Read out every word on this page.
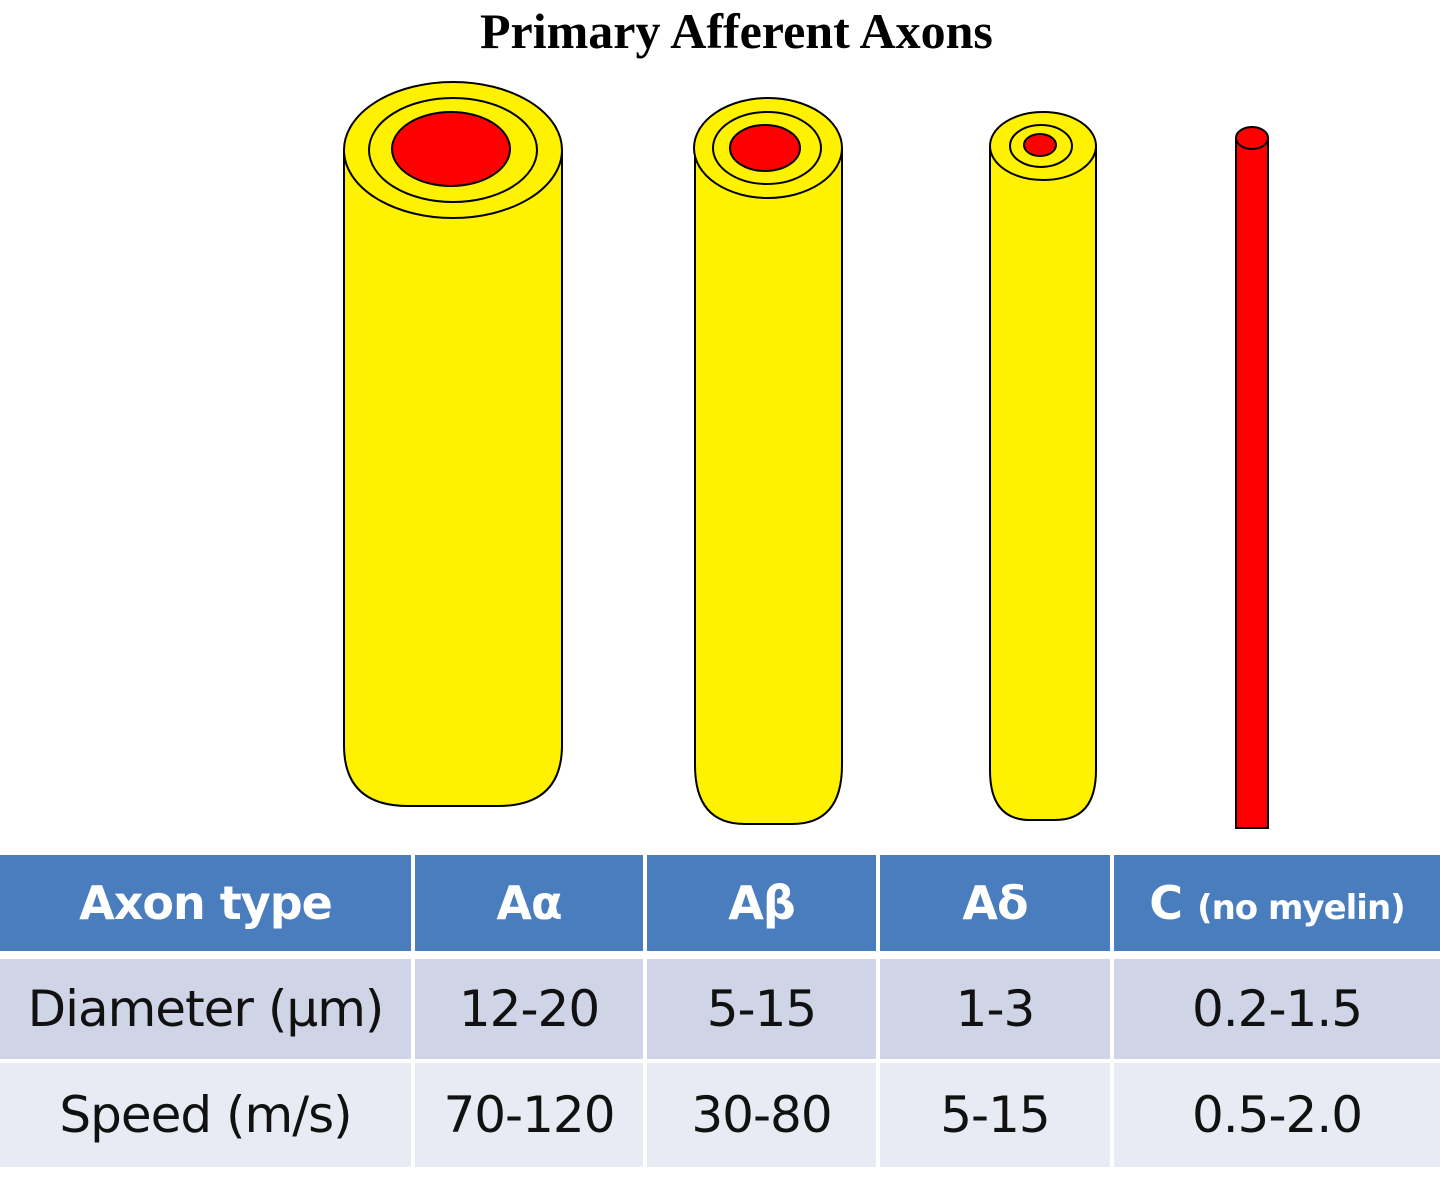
Primary Afferent Axons
Axon type	Aα	Aβ	Aδ	C (no myelin)
Diameter (μm)	12-20	5-15	1-3	0.2-1.5
Speed (m/s)	70-120	30-80	5-15	0.5-2.0
